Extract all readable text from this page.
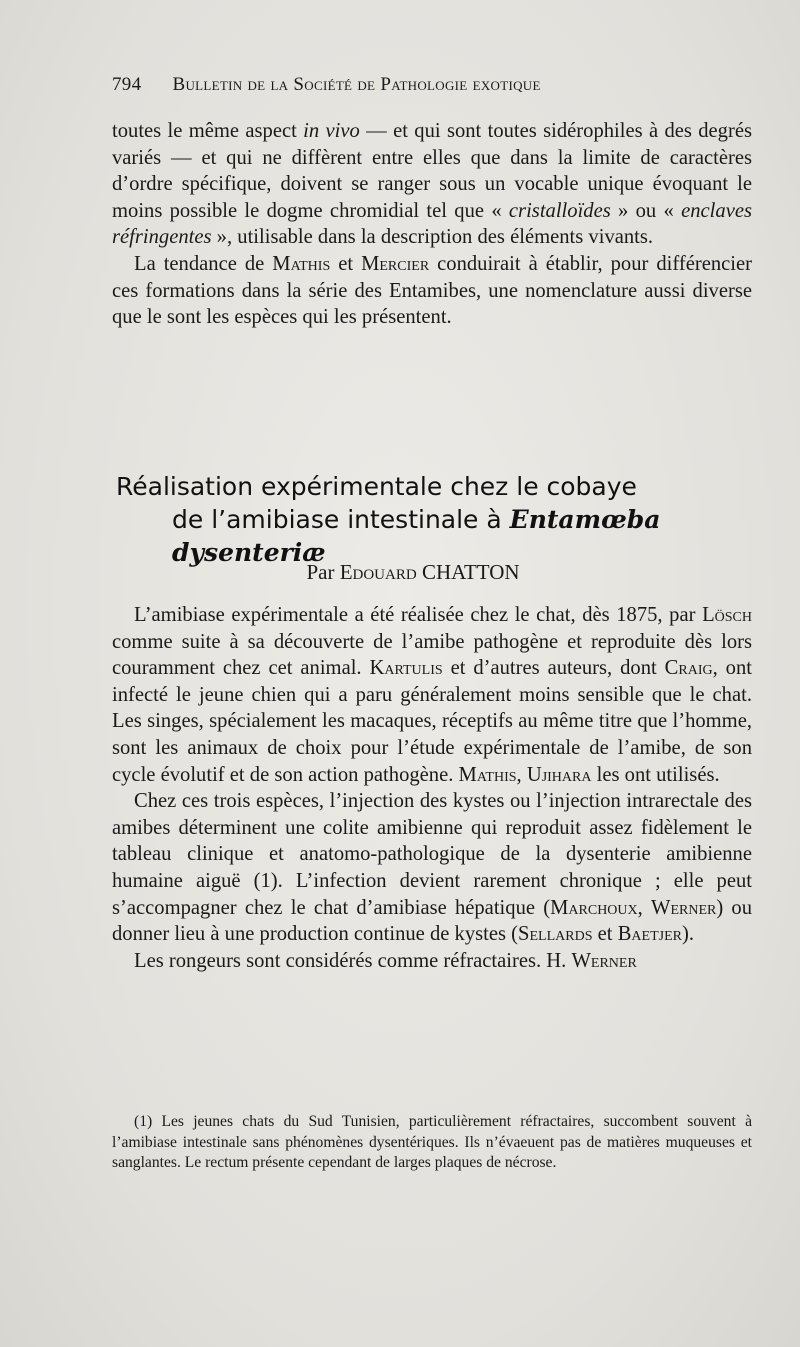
794 Bulletin de la Société de Pathologie exotique

toutes le même aspect in vivo — et qui sont toutes sidérophiles à des degrés variés — et qui ne diffèrent entre elles que dans la limite de caractères d’ordre spécifique, doivent se ranger sous un vocable unique évoquant le moins possible le dogme chromidial tel que « cristalloïdes » ou « enclaves réfringentes », utilisable dans la description des éléments vivants.

La tendance de Mathis et Mercier conduirait à établir, pour différencier ces formations dans la série des Entamibes, une nomenclature aussi diverse que le sont les espèces qui les présentent.

Réalisation expérimentale chez le cobaye
de l’amibiase intestinale à Entamœba dysenteriæ
Par Edouard CHATTON

L’amibiase expérimentale a été réalisée chez le chat, dès 1875, par Lösch comme suite à sa découverte de l’amibe pathogène et reproduite dès lors couramment chez cet animal. Kartulis et d’autres auteurs, dont Craig, ont infecté le jeune chien qui a paru généralement moins sensible que le chat. Les singes, spécialement les macaques, réceptifs au même titre que l’homme, sont les animaux de choix pour l’étude expérimentale de l’amibe, de son cycle évolutif et de son action pathogène. Mathis, Ujihara les ont utilisés.

Chez ces trois espèces, l’injection des kystes ou l’injection intrarectale des amibes déterminent une colite amibienne qui reproduit assez fidèlement le tableau clinique et anatomo-pathologique de la dysenterie amibienne humaine aiguë (1). L’infection devient rarement chronique ; elle peut s’accompagner chez le chat d’amibiase hépatique (Marchoux, Werner) ou donner lieu à une production continue de kystes (Sellards et Baetjer).

Les rongeurs sont considérés comme réfractaires. H. Werner

(1) Les jeunes chats du Sud Tunisien, particulièrement réfractaires, succombent souvent à l’amibiase intestinale sans phénomènes dysentériques. Ils n’évaeuent pas de matières muqueuses et sanglantes. Le rectum présente cependant de larges plaques de nécrose.
